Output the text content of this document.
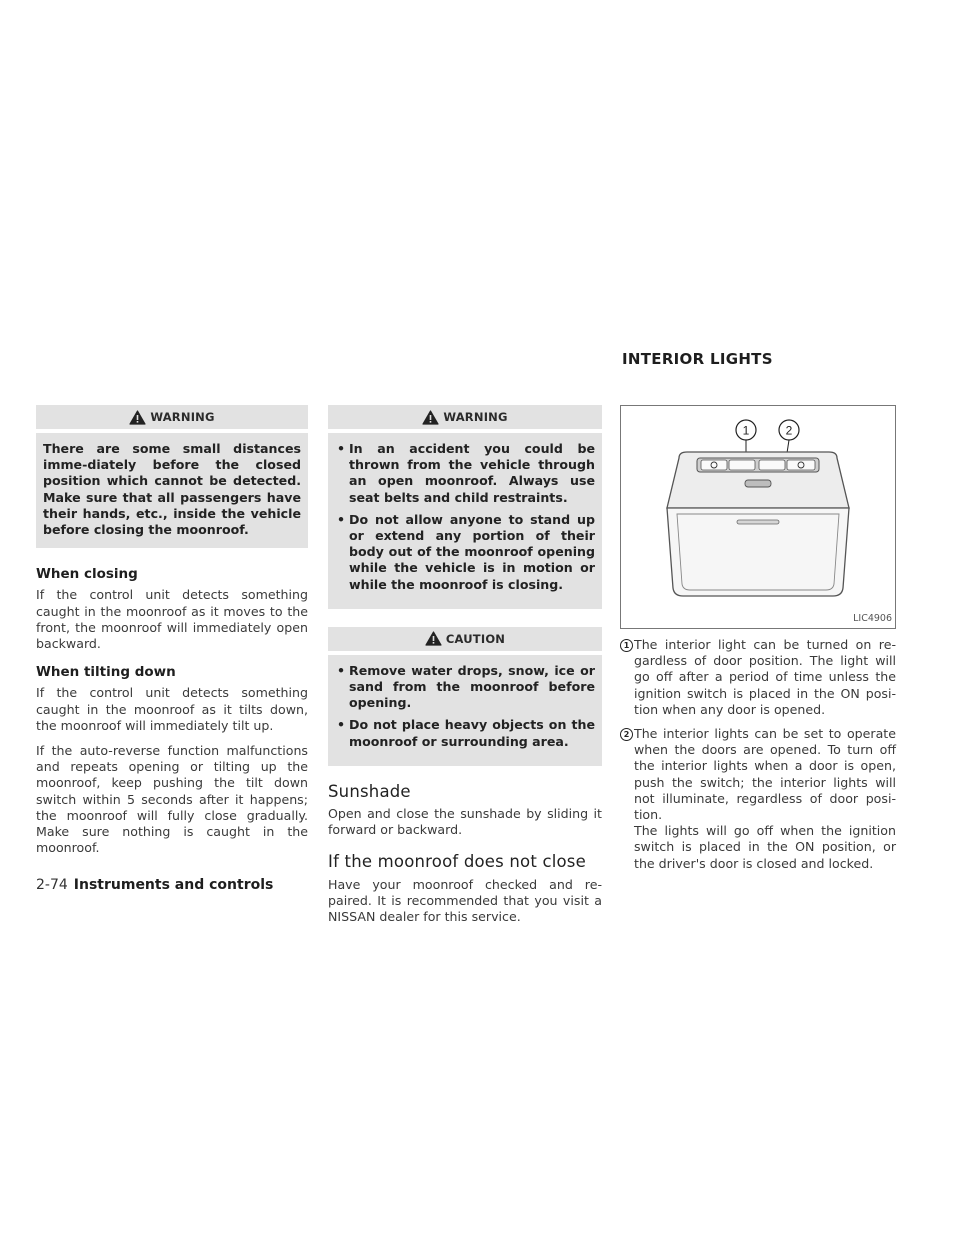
INTERIOR LIGHTS
WARNING
There are some small distances imme-diately before the closed position which cannot be detected. Make sure that all passengers have their hands, etc., inside the vehicle before closing the moonroof.
When closing

If the control unit detects something caught in the moonroof as it moves to the front, the moonroof will immediately open backward.

When tilting down

If the control unit detects something caught in the moonroof as it tilts down, the moonroof will immediately tilt up.

If the auto-reverse function malfunctions and repeats opening or tilting up the moonroof, keep pushing the tilt down switch within 5 seconds after it happens; the moonroof will fully close gradually. Make sure nothing is caught in the moonroof.

WARNING
• In an accident you could be thrown from the vehicle through an open moonroof. Always use seat belts and child restraints.
• Do not allow anyone to stand up or extend any portion of their body out of the moonroof opening while the vehicle is in motion or while the moonroof is closing.
CAUTION
• Remove water drops, snow, ice or sand from the moonroof before opening.
• Do not place heavy objects on the moonroof or surrounding area.
Sunshade

Open and close the sunshade by sliding it forward or backward.

If the moonroof does not close

Have your moonroof checked and re-paired. It is recommended that you visit a NISSAN dealer for this service.

1	2
LIC4906
1 The interior light can be turned on re-gardless of door position. The light will go off after a period of time unless the ignition switch is placed in the ON posi-tion when any door is opened.

2 The interior lights can be set to operate when the doors are opened. To turn off the interior lights when a door is open, push the switch; the interior lights will not illuminate, regardless of door posi-tion.

The lights will go off when the ignition switch is placed in the ON position, or the driver's door is closed and locked.

2-74 Instruments and controls
